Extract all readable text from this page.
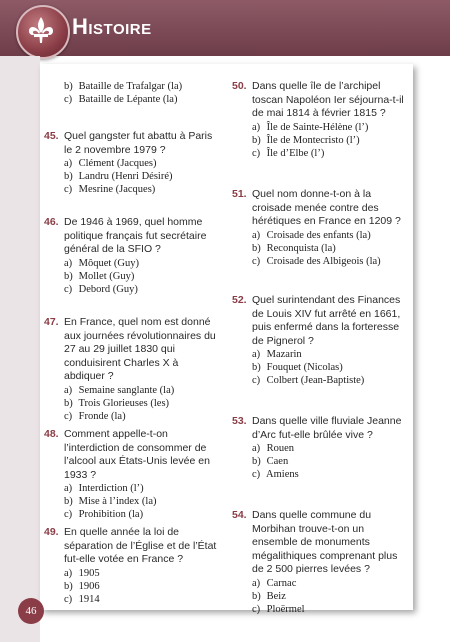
Histoire
46
b) Bataille de Trafalgar (la)
c) Bataille de Lépante (la)
45. Quel gangster fut abattu à Paris le 2 novembre 1979 ?
a) Clément (Jacques)
b) Landru (Henri Désiré)
c) Mesrine (Jacques)
46. De 1946 à 1969, quel homme politique français fut secrétaire général de la SFIO ?
a) Môquet (Guy)
b) Mollet (Guy)
c) Debord (Guy)
47. En France, quel nom est donné aux journées révolutionnaires du 27 au 29 juillet 1830 qui conduisirent Charles X à abdiquer ?
a) Semaine sanglante (la)
b) Trois Glorieuses (les)
c) Fronde (la)
48. Comment appelle-t-on l’interdiction de consommer de l’alcool aux États-Unis levée en 1933 ?
a) Interdiction (l’)
b) Mise à l’index (la)
c) Prohibition (la)
49. En quelle année la loi de séparation de l’Église et de l’État fut-elle votée en France ?
a) 1905
b) 1906
c) 1914
50. Dans quelle île de l’archipel toscan Napoléon Ier séjourna-t-il de mai 1814 à février 1815 ?
a) Île de Sainte-Hélène (l’)
b) Île de Montecristo (l’)
c) Île d’Elbe (l’)
51. Quel nom donne-t-on à la croisade menée contre des hérétiques en France en 1209 ?
a) Croisade des enfants (la)
b) Reconquista (la)
c) Croisade des Albigeois (la)
52. Quel surintendant des Finances de Louis XIV fut arrêté en 1661, puis enfermé dans la forteresse de Pignerol ?
a) Mazarin
b) Fouquet (Nicolas)
c) Colbert (Jean-Baptiste)
53. Dans quelle ville fluviale Jeanne d’Arc fut-elle brûlée vive ?
a) Rouen
b) Caen
c) Amiens
54. Dans quelle commune du Morbihan trouve-t-on un ensemble de monuments mégalithiques comprenant plus de 2 500 pierres levées ?
a) Carnac
b) Beiz
c) Ploërmel
